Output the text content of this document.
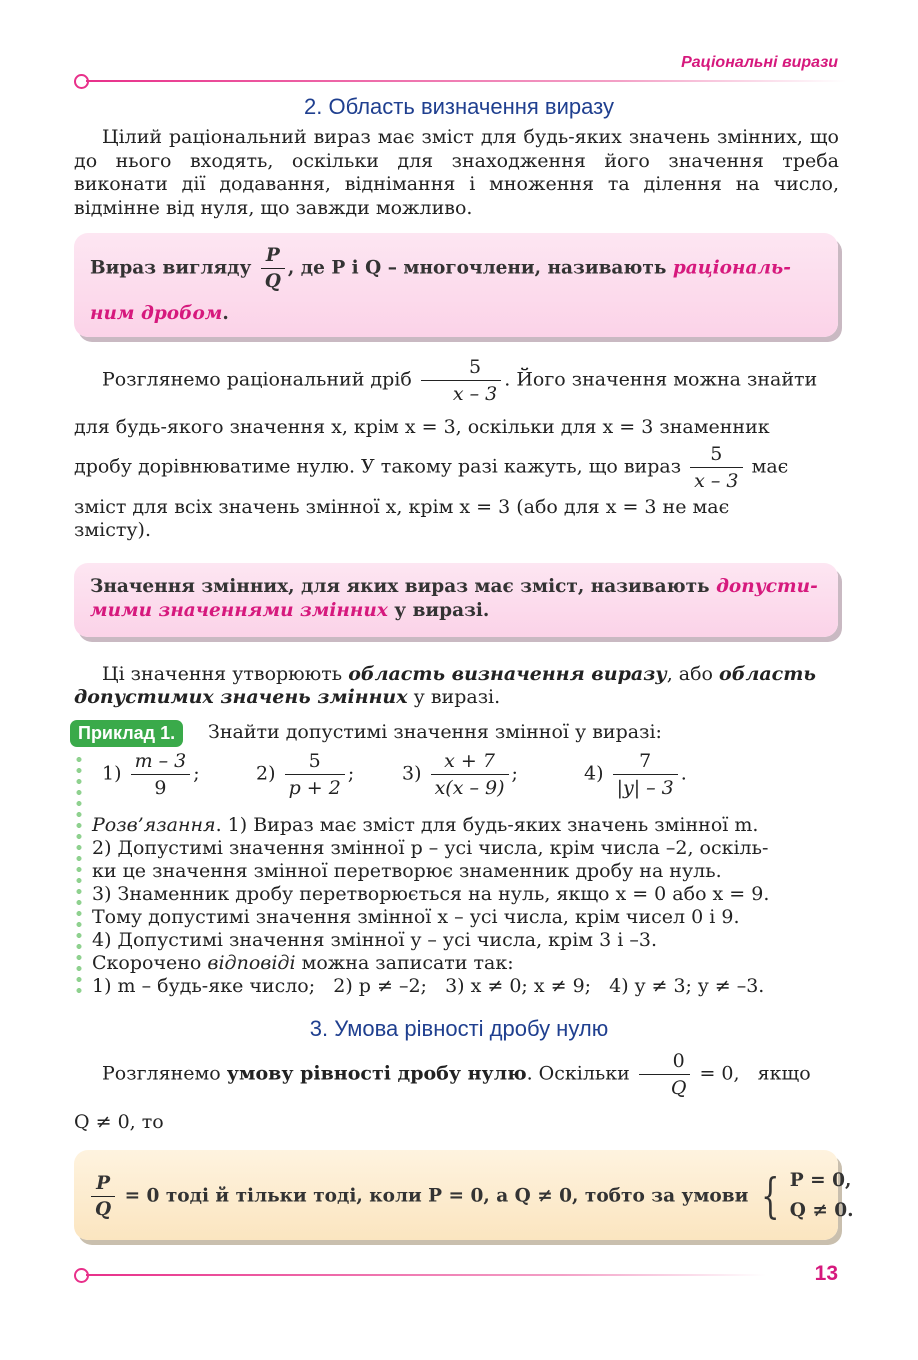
Раціональні вирази
2. Область визначення виразу
Цілий раціональний вираз має зміст для будь-яких значень змінних, що до нього входять, оскільки для знаходження його значення треба виконати дії додавання, віднімання і множення та ділення на число, відмінне від нуля, що завжди можливо.
Вираз вигляду $\frac{P}{Q}$ , де P і Q – многочлени, називають раціональ-
ним дробом.
Розглянемо раціональний дріб $\frac{5}{x - 3}$ . Його значення можна знайти
для будь-якого значення x, крім x = 3, оскільки для x = 3 знаменник
дробу дорівнюватиме нулю. У такому разі кажуть, що вираз $\frac{5}{x - 3}$ має
зміст для всіх значень змінної x, крім x = 3 (або для x = 3 не має
змісту).
Значення змінних, для яких вираз має зміст, називають допусти-
мими значеннями змінних у виразі.
Ці значення утворюють область визначення виразу, або область
допустимих значень змінних у виразі.
Приклад 1.	Знайти допустимі значення змінної у виразі:
$1) \frac{m - 3}{9}$ ;	$2) \frac{5}{p + 2}$ ;	$3) \frac{x + 7}{x(x - 9)}$ ;	$4) \frac{7}{|y| - 3}$ .
Розв’язання. 1) Вираз має зміст для будь-яких значень змінної m.
2) Допустимі значення змінної p – усі числа, крім числа –2, оскіль-
ки це значення змінної перетворює знаменник дробу на нуль.
3) Знаменник дробу перетворюється на нуль, якщо x = 0 або x = 9.
Тому допустимі значення змінної x – усі числа, крім чисел 0 і 9.
4) Допустимі значення змінної y – усі числа, крім 3 і –3.
Скорочено відповіді можна записати так:
1) m – будь-яке число;   2) p ≠ –2;   3) x ≠ 0; x ≠ 9;   4) y ≠ 3; y ≠ –3.
3. Умова рівності дробу нулю
Розглянемо умову рівності дробу нулю. Оскільки $\frac{0}{Q} = 0$,   якщо
Q ≠ 0, то
$\frac{P}{Q} = 0$ тоді й тільки тоді, коли P = 0, а Q ≠ 0, тобто за умови { P = 0,
Q ≠ 0.
13
